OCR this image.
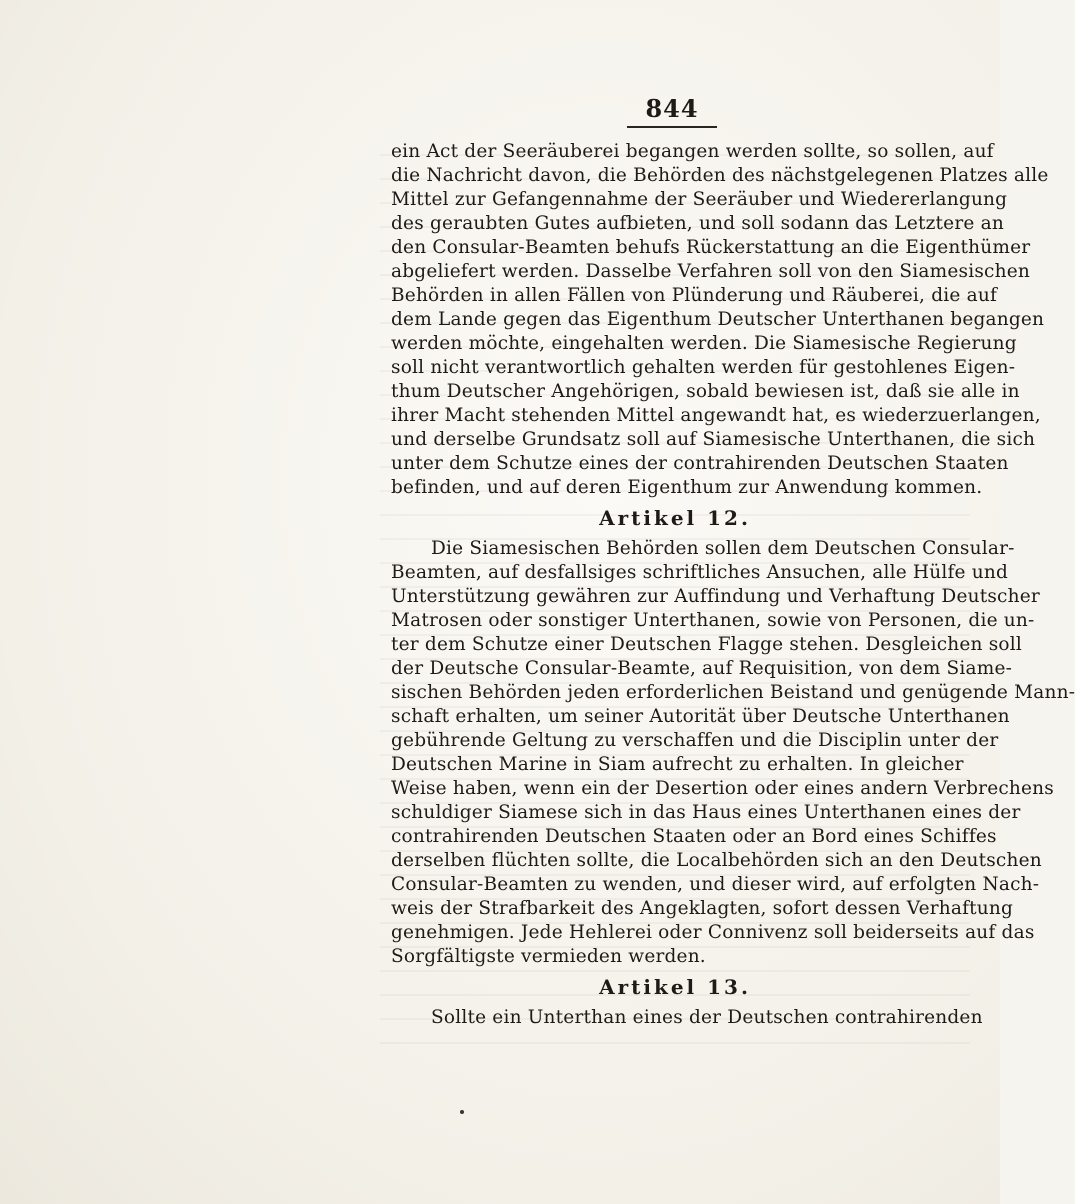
844
ein Act der Seeräuberei begangen werden sollte, so sollen, auf
die Nachricht davon, die Behörden des nächstgelegenen Platzes alle
Mittel zur Gefangennahme der Seeräuber und Wiedererlangung
des geraubten Gutes aufbieten, und soll sodann das Letztere an
den Consular-Beamten behufs Rückerstattung an die Eigenthümer
abgeliefert werden. Dasselbe Verfahren soll von den Siamesischen
Behörden in allen Fällen von Plünderung und Räuberei, die auf
dem Lande gegen das Eigenthum Deutscher Unterthanen begangen
werden möchte, eingehalten werden. Die Siamesische Regierung
soll nicht verantwortlich gehalten werden für gestohlenes Eigen-
thum Deutscher Angehörigen, sobald bewiesen ist, daß sie alle in
ihrer Macht stehenden Mittel angewandt hat, es wiederzuerlangen,
und derselbe Grundsatz soll auf Siamesische Unterthanen, die sich
unter dem Schutze eines der contrahirenden Deutschen Staaten
befinden, und auf deren Eigenthum zur Anwendung kommen.
Artikel 12.
Die Siamesischen Behörden sollen dem Deutschen Consular-
Beamten, auf desfallsiges schriftliches Ansuchen, alle Hülfe und
Unterstützung gewähren zur Auffindung und Verhaftung Deutscher
Matrosen oder sonstiger Unterthanen, sowie von Personen, die un-
ter dem Schutze einer Deutschen Flagge stehen. Desgleichen soll
der Deutsche Consular-Beamte, auf Requisition, von dem Siame-
sischen Behörden jeden erforderlichen Beistand und genügende Mann-
schaft erhalten, um seiner Autorität über Deutsche Unterthanen
gebührende Geltung zu verschaffen und die Disciplin unter der
Deutschen Marine in Siam aufrecht zu erhalten. In gleicher
Weise haben, wenn ein der Desertion oder eines andern Verbrechens
schuldiger Siamese sich in das Haus eines Unterthanen eines der
contrahirenden Deutschen Staaten oder an Bord eines Schiffes
derselben flüchten sollte, die Localbehörden sich an den Deutschen
Consular-Beamten zu wenden, und dieser wird, auf erfolgten Nach-
weis der Strafbarkeit des Angeklagten, sofort dessen Verhaftung
genehmigen. Jede Hehlerei oder Connivenz soll beiderseits auf das
Sorgfältigste vermieden werden.
Artikel 13.
Sollte ein Unterthan eines der Deutschen contrahirenden
